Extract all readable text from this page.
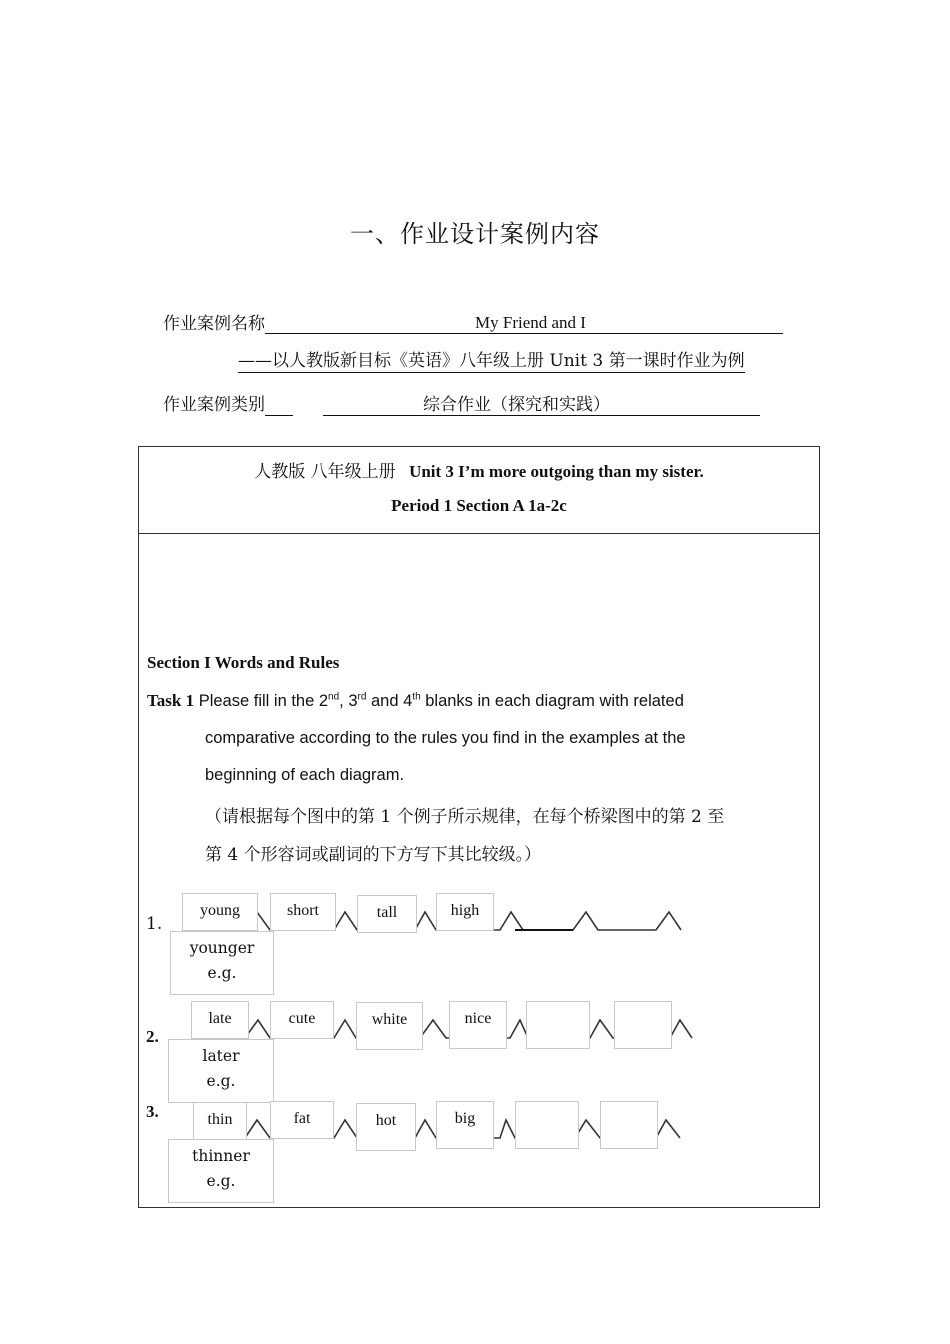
一、作业设计案例内容
作业案例名称	My Friend and I
——以人教版新目标《英语》八年级上册 Unit 3 第一课时作业为例
作业案例类别	综合作业（探究和实践）
人教版 八年级上册 Unit 3 I’m more outgoing than my sister.
Period 1 Section A 1a-2c
Section I Words and Rules
Task 1 Please fill in the 2nd, 3rd and 4th blanks in each diagram with related
comparative according to the rules you find in the examples at the
beginning of each diagram.
（请根据每个图中的第 1 个例子所示规律，在每个桥梁图中的第 2 至
第 4 个形容词或副词的下方写下其比较级。）
1.
young	short	tall	high
younger
e.g.
2.
late	cute	white	nice
later
e.g.
3.	thin	fat	hot	big
thinner
e.g.
